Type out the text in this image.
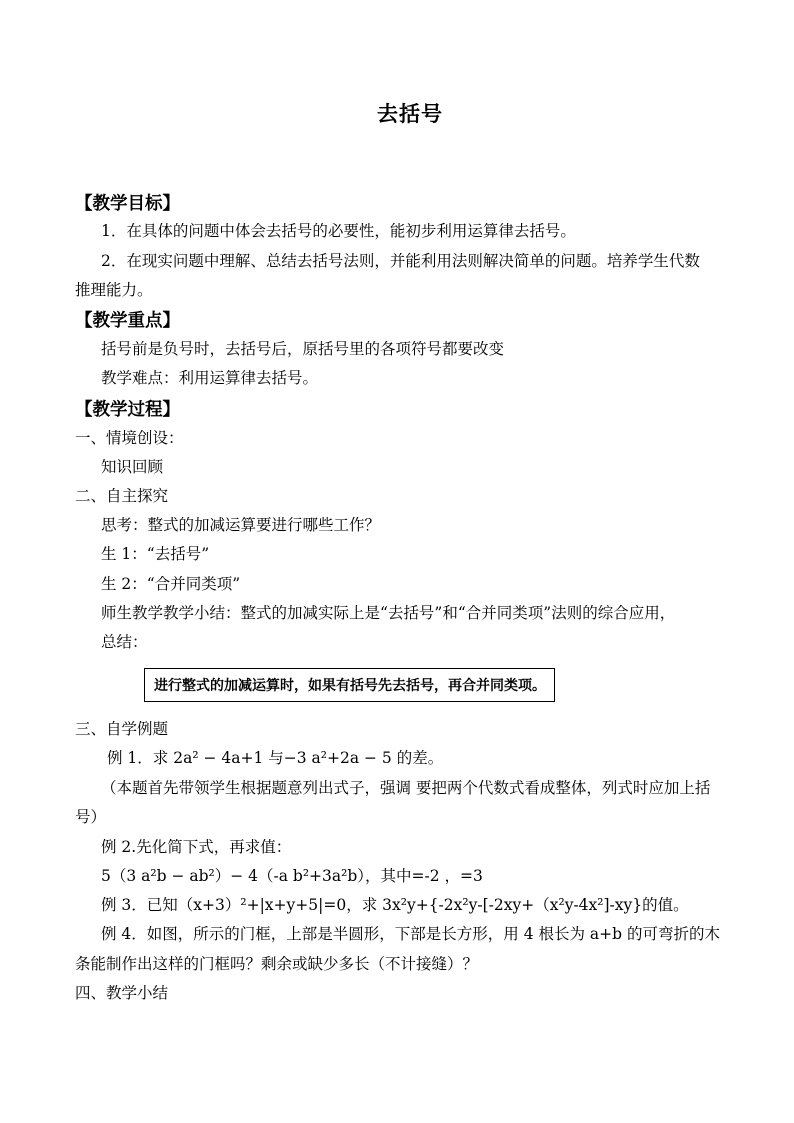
去括号
【教学目标】
1．在具体的问题中体会去括号的必要性，能初步利用运算律去括号。
2．在现实问题中理解、总结去括号法则，并能利用法则解决简单的问题。培养学生代数
推理能力。
【教学重点】
括号前是负号时，去括号后，原括号里的各项符号都要改变
教学难点：利用运算律去括号。
【教学过程】
一、情境创设：
知识回顾
二、自主探究
思考：整式的加减运算要进行哪些工作？
生 1：“去括号”
生 2：“合并同类项”
师生教学教学小结：整式的加减实际上是“去括号”和“合并同类项”法则的综合应用，
总结：
进行整式的加减运算时，如果有括号先去括号，再合并同类项。
三、自学例题
例 1．求 2a² − 4a+1 与−3 a²+2a − 5 的差。
（本题首先带领学生根据题意列出式子，强调 要把两个代数式看成整体，列式时应加上括
号）
例 2.先化简下式，再求值：
5（3 a²b − ab²）− 4（-a b²+3a²b），其中=-2 ，=3
例 3．已知（x+3）²+|x+y+5|=0，求 3x²y+{-2x²y-[-2xy+（x²y-4x²]-xy}的值。
例 4．如图，所示的门框，上部是半圆形，下部是长方形，用 4 根长为 a+b 的可弯折的木
条能制作出这样的门框吗？剩余或缺少多长（不计接缝）？
四、教学小结
